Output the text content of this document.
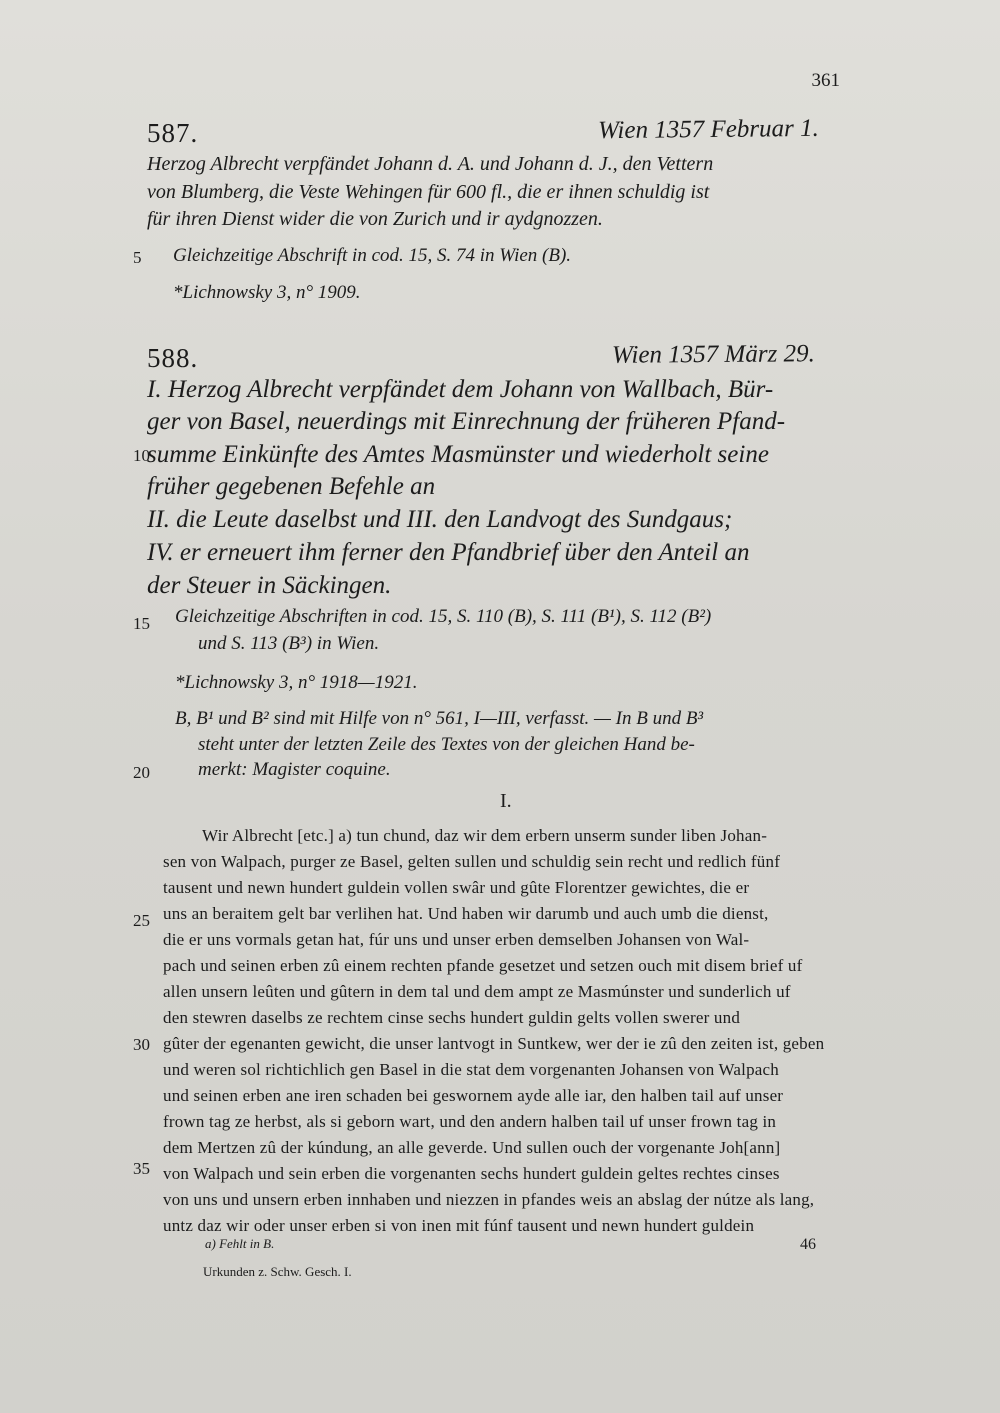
361
587.	Wien 1357 Februar 1.
Herzog Albrecht verpfändet Johann d. A. und Johann d. J., den Vettern
von Blumberg, die Veste Wehingen für 600 fl., die er ihnen schuldig ist
für ihren Dienst wider die von Zurich und ir aydgnozzen.
Gleichzeitige Abschrift in cod. 15, S. 74 in Wien (B).
*Lichnowsky 3, n° 1909.
588.	Wien 1357 März 29.
I. Herzog Albrecht verpfändet dem Johann von Wallbach, Bür-
ger von Basel, neuerdings mit Einrechnung der früheren Pfand-
summe Einkünfte des Amtes Masmünster und wiederholt seine
früher gegebenen Befehle an
II. die Leute daselbst und III. den Landvogt des Sundgaus;
IV. er erneuert ihm ferner den Pfandbrief über den Anteil an
der Steuer in Säckingen.
Gleichzeitige Abschriften in cod. 15, S. 110 (B), S. 111 (B¹), S. 112 (B²)
und S. 113 (B³) in Wien.
*Lichnowsky 3, n° 1918—1921.
B, B¹ und B² sind mit Hilfe von n° 561, I—III, verfasst. — In B und B³
steht unter der letzten Zeile des Textes von der gleichen Hand be-
merkt: Magister coquine.
I.
Wir Albrecht [etc.] a) tun chund, daz wir dem erbern unserm sunder liben Johan-
sen von Walpach, purger ze Basel, gelten sullen und schuldig sein recht und redlich fünf
tausent und newn hundert guldein vollen swâr und gûte Florentzer gewichtes, die er
uns an beraitem gelt bar verlihen hat. Und haben wir darumb und auch umb die dienst,
die er uns vormals getan hat, fúr uns und unser erben demselben Johansen von Wal-
pach und seinen erben zû einem rechten pfande gesetzet und setzen ouch mit disem brief uf
allen unsern leûten und gûtern in dem tal und dem ampt ze Masmúnster und sunderlich uf
den stewren daselbs ze rechtem cinse sechs hundert guldin gelts vollen swerer und
gûter der egenanten gewicht, die unser lantvogt in Suntkew, wer der ie zû den zeiten ist, geben
und weren sol richtichlich gen Basel in die stat dem vorgenanten Johansen von Walpach
und seinen erben ane iren schaden bei geswornem ayde alle iar, den halben tail auf unser
frown tag ze herbst, als si geborn wart, und den andern halben tail uf unser frown tag in
dem Mertzen zû der kúndung, an alle geverde. Und sullen ouch der vorgenante Joh[ann]
von Walpach und sein erben die vorgenanten sechs hundert guldein geltes rechtes cinses
von uns und unsern erben innhaben und niezzen in pfandes weis an abslag der nútze als lang,
untz daz wir oder unser erben si von inen mit fúnf tausent und newn hundert guldein
5
10
15
20
25
30
35
a) Fehlt in B.	46
Urkunden z. Schw. Gesch. I.
